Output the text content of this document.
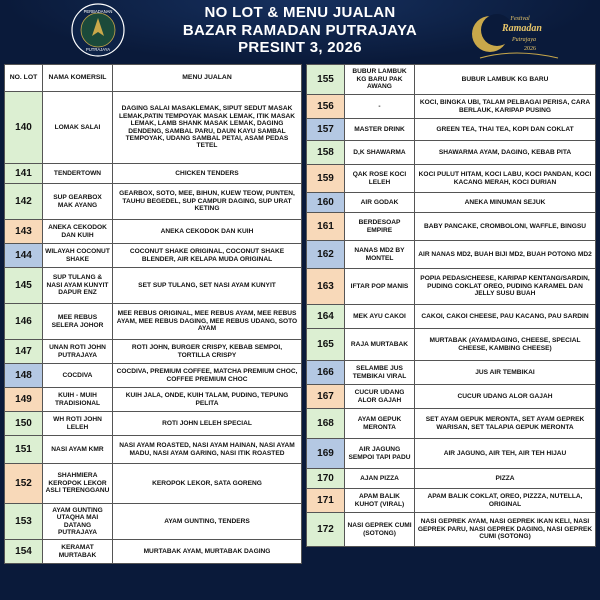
PERBADANAN
PUTRAJAYA
NO LOT & MENU JUALAN
BAZAR RAMADAN PUTRAJAYA
PRESINT 3, 2026
Festival
Ramadan
Putrajaya
2026
NO. LOT	NAMA KOMERSIL	MENU JUALAN
140	LOMAK SALAI	DAGING SALAI MASAKLEMAK, SIPUT SEDUT MASAK LEMAK,PATIN TEMPOYAK MASAK LEMAK, ITIK MASAK LEMAK, LAMB SHANK MASAK LEMAK, DAGING DENDENG, SAMBAL PARU, DAUN KAYU SAMBAL TEMPOYAK, UDANG SAMBAL PETAI, ASAM PEDAS TETEL
141	TENDERTOWN	CHICKEN TENDERS
142	SUP GEARBOX MAK AYANG	GEARBOX, SOTO, MEE, BIHUN, KUEW TEOW, PUNTEN, TAUHU BEGEDEL, SUP CAMPUR DAGING, SUP URAT KETING
143	ANEKA CEKODOK DAN KUIH	ANEKA CEKODOK DAN KUIH
144	WILAYAH COCONUT SHAKE	COCONUT SHAKE ORIGINAL, COCONUT SHAKE BLENDER, AIR KELAPA MUDA ORIGINAL
145	SUP TULANG & NASI AYAM KUNYIT DAPUR ENZ	SET SUP TULANG, SET NASI AYAM KUNYIT
146	MEE REBUS SELERA JOHOR	MEE REBUS ORIGINAL, MEE REBUS AYAM, MEE REBUS AYAM, MEE REBUS DAGING, MEE REBUS UDANG, SOTO AYAM
147	UNAN ROTI JOHN PUTRAJAYA	ROTI JOHN, BURGER CRISPY, KEBAB SEMPOI, TORTILLA CRISPY
148	COCDIVA	COCDIVA, PREMIUM COFFEE, MATCHA PREMIUM CHOC, COFFEE PREMIUM CHOC
149	KUIH - MUIH TRADISIONAL	KUIH JALA, ONDE, KUIH TALAM, PUDING, TEPUNG PELITA
150	WH ROTI JOHN LELEH	ROTI JOHN LELEH SPECIAL
151	NASI AYAM KMR	NASI AYAM ROASTED, NASI AYAM HAINAN, NASI AYAM MADU, NASI AYAM GARING, NASI ITIK ROASTED
152	SHAHMIERA KEROPOK LEKOR ASLI TERENGGANU	KEROPOK LEKOR, SATA GORENG
153	AYAM GUNTING UTAQHA MAI DATANG PUTRAJAYA	AYAM GUNTING, TENDERS
154	KERAMAT MURTABAK	MURTABAK AYAM, MURTABAK DAGING
155	BUBUR LAMBUK KG BARU PAK AWANG	BUBUR LAMBUK KG BARU
156	-	KOCI, BINGKA UBI, TALAM PELBAGAI PERISA, CARA BERLAUK, KARIPAP PUSING
157	MASTER DRINK	GREEN TEA, THAI TEA, KOPI DAN COKLAT
158	D,K SHAWARMA	SHAWARMA AYAM, DAGING, KEBAB PITA
159	QAK ROSE KOCI LELEH	KOCI PULUT HITAM, KOCI LABU, KOCI PANDAN, KOCI KACANG MERAH, KOCI DURIAN
160	AIR GODAK	ANEKA MINUMAN SEJUK
161	BERDESOAP EMPIRE	BABY PANCAKE, CROMBOLONI, WAFFLE, BINGSU
162	NANAS MD2 BY MONTEL	AIR NANAS MD2, BUAH BIJI MD2, BUAH POTONG MD2
163	IFTAR POP MANIS	POPIA PEDAS/CHEESE, KARIPAP KENTANG/SARDIN, PUDING COKLAT OREO, PUDING KARAMEL DAN JELLY SUSU BUAH
164	MEK AYU CAKOI	CAKOI, CAKOI CHEESE, PAU KACANG, PAU SARDIN
165	RAJA MURTABAK	MURTABAK (AYAM/DAGING, CHEESE, SPECIAL CHEESE, KAMBING CHEESE)
166	SELAMBE JUS TEMBIKAI VIRAL	JUS AIR TEMBIKAI
167	CUCUR UDANG ALOR GAJAH	CUCUR UDANG ALOR GAJAH
168	AYAM GEPUK MERONTA	SET AYAM GEPUK MERONTA, SET AYAM GEPREK WARISAN, SET TALAPIA GEPUK MERONTA
169	AIR JAGUNG SEMPOI TAPI PADU	AIR JAGUNG, AIR TEH, AIR TEH HIJAU
170	AJAN PIZZA	PIZZA
171	APAM BALIK KUHOT (VIRAL)	APAM BALIK COKLAT, OREO, PIZZZA, NUTELLA, ORIGINAL
172	NASI GEPREK CUMI (SOTONG)	NASI GEPREK AYAM, NASI GEPREK IKAN KELI, NASI GEPREK PARU, NASI GEPREK DAGING, NASI GEPREK CUMI (SOTONG)
